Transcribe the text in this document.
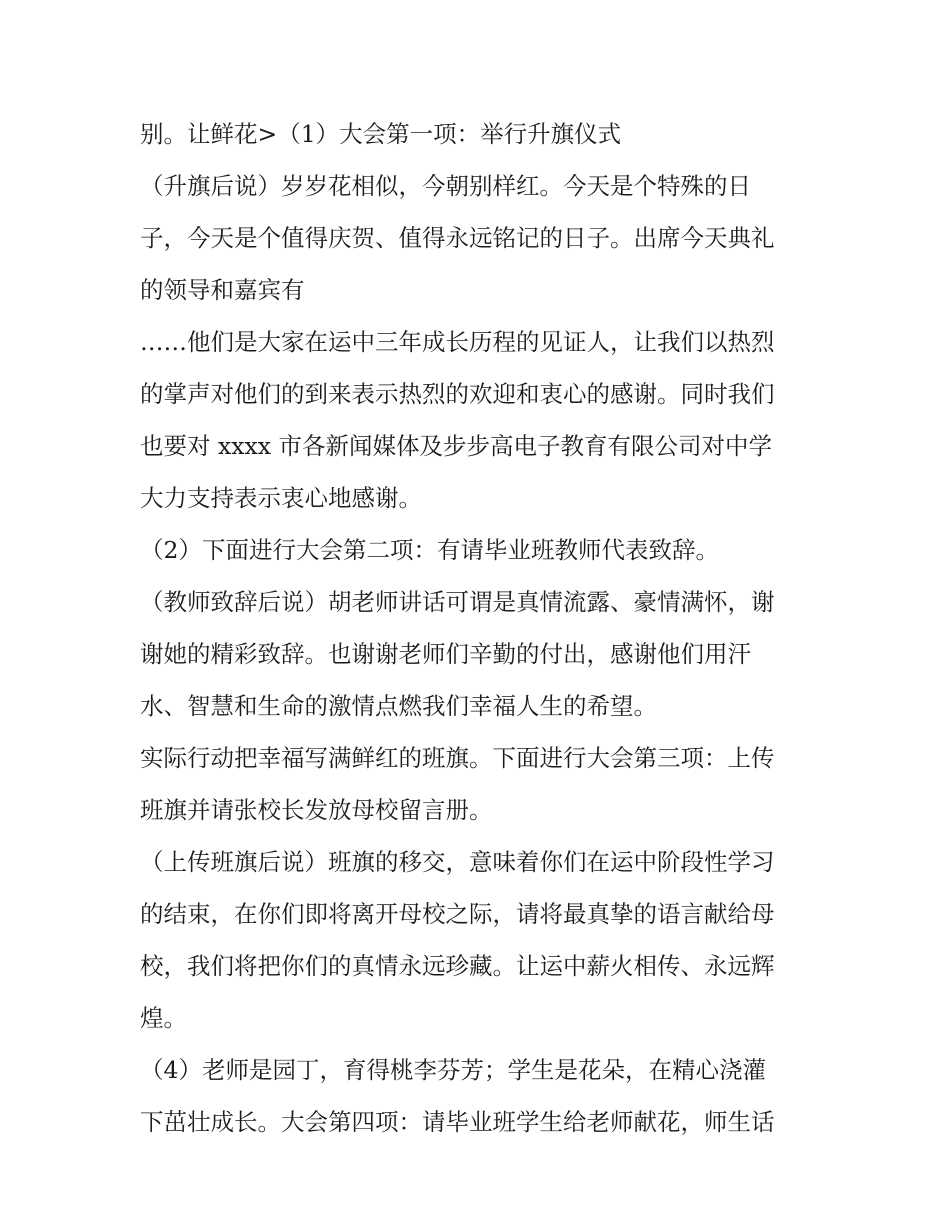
别。让鲜花>（1）大会第一项：举行升旗仪式
（升旗后说）岁岁花相似，今朝别样红。今天是个特殊的日
子，今天是个值得庆贺、值得永远铭记的日子。出席今天典礼
的领导和嘉宾有
……他们是大家在运中三年成长历程的见证人，让我们以热烈
的掌声对他们的到来表示热烈的欢迎和衷心的感谢。同时我们
也要对 xxxx 市各新闻媒体及步步高电子教育有限公司对中学
大力支持表示衷心地感谢。
（2）下面进行大会第二项：有请毕业班教师代表致辞。
（教师致辞后说）胡老师讲话可谓是真情流露、豪情满怀，谢
谢她的精彩致辞。也谢谢老师们辛勤的付出，感谢他们用汗
水、智慧和生命的激情点燃我们幸福人生的希望。
实际行动把幸福写满鲜红的班旗。下面进行大会第三项：上传
班旗并请张校长发放母校留言册。
（上传班旗后说）班旗的移交，意味着你们在运中阶段性学习
的结束，在你们即将离开母校之际，请将最真挚的语言献给母
校，我们将把你们的真情永远珍藏。让运中薪火相传、永远辉
煌。
（4）老师是园丁，育得桃李芬芳；学生是花朵，在精心浇灌
下茁壮成长。大会第四项：请毕业班学生给老师献花，师生话
